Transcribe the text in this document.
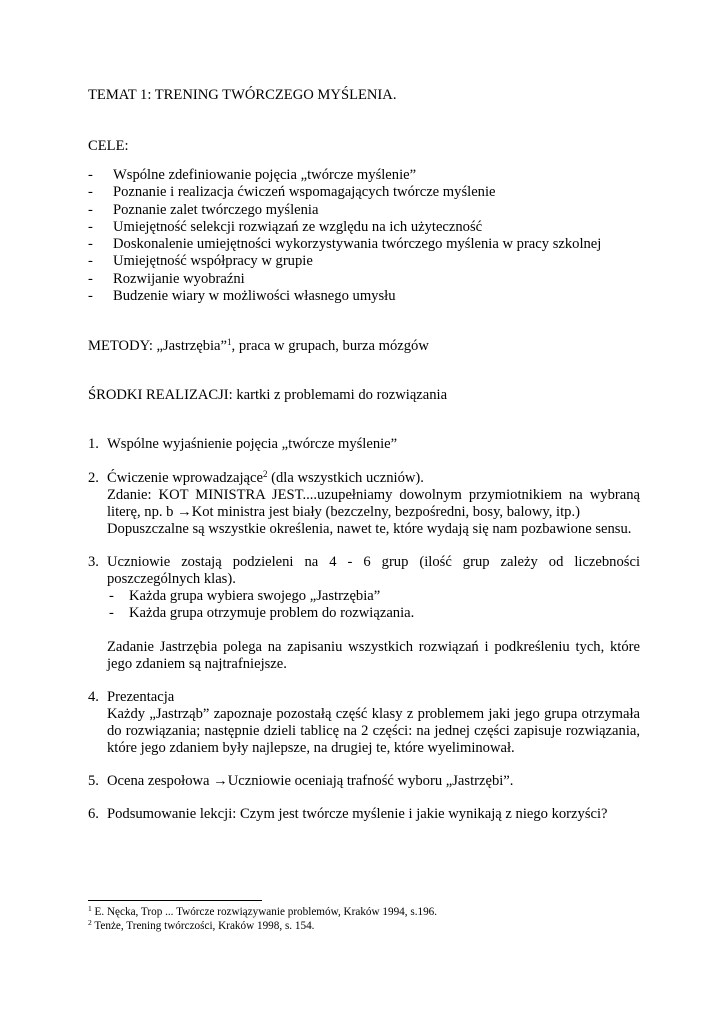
TEMAT 1: TRENING TWÓRCZEGO MYŚLENIA.

CELE:

- Wspólne zdefiniowanie pojęcia „twórcze myślenie”
- Poznanie i realizacja ćwiczeń wspomagających twórcze myślenie
- Poznanie zalet twórczego myślenia
- Umiejętność selekcji rozwiązań ze względu na ich użyteczność
- Doskonalenie umiejętności wykorzystywania twórczego myślenia w pracy szkolnej
- Umiejętność współpracy w grupie
- Rozwijanie wyobraźni
- Budzenie wiary w możliwości własnego umysłu

METODY: „Jastrzębia”$^1$, praca w grupach, burza mózgów

ŚRODKI REALIZACJI: kartki z problemami do rozwiązania

1. Wspólne wyjaśnienie pojęcia „twórcze myślenie”

2. Ćwiczenie wprowadzające$^2$ (dla wszystkich uczniów).

Zdanie: KOT MINISTRA JEST....uzupełniamy dowolnym przymiotnikiem na wybraną

literę, np. b →Kot ministra jest biały (bezczelny, bezpośredni, bosy, balowy, itp.)

Dopuszczalne są wszystkie określenia, nawet te, które wydają się nam pozbawione sensu.

3. Uczniowie zostają podzieleni na 4 - 6 grup (ilość grup zależy od liczebności poszczególnych klas).

- Każda grupa wybiera swojego „Jastrzębia”
- Każda grupa otrzymuje problem do rozwiązania.

Zadanie Jastrzębia polega na zapisaniu wszystkich rozwiązań i podkreśleniu tych, które jego zdaniem są najtrafniejsze.

4. Prezentacja

Każdy „Jastrząb” zapoznaje pozostałą część klasy z problemem jaki jego grupa otrzymała do rozwiązania; następnie dzieli tablicę na 2 części: na jednej części zapisuje rozwiązania, które jego zdaniem były najlepsze, na drugiej te, które wyeliminował.

5. Ocena zespołowa →Uczniowie oceniają trafność wyboru „Jastrzębi”.

6. Podsumowanie lekcji: Czym jest twórcze myślenie i jakie wynikają z niego korzyści?

$^1$ E. Nęcka, Trop ... Twórcze rozwiązywanie problemów, Kraków 1994, s.196.
$^2$ Tenże, Trening twórczości, Kraków 1998, s. 154.
